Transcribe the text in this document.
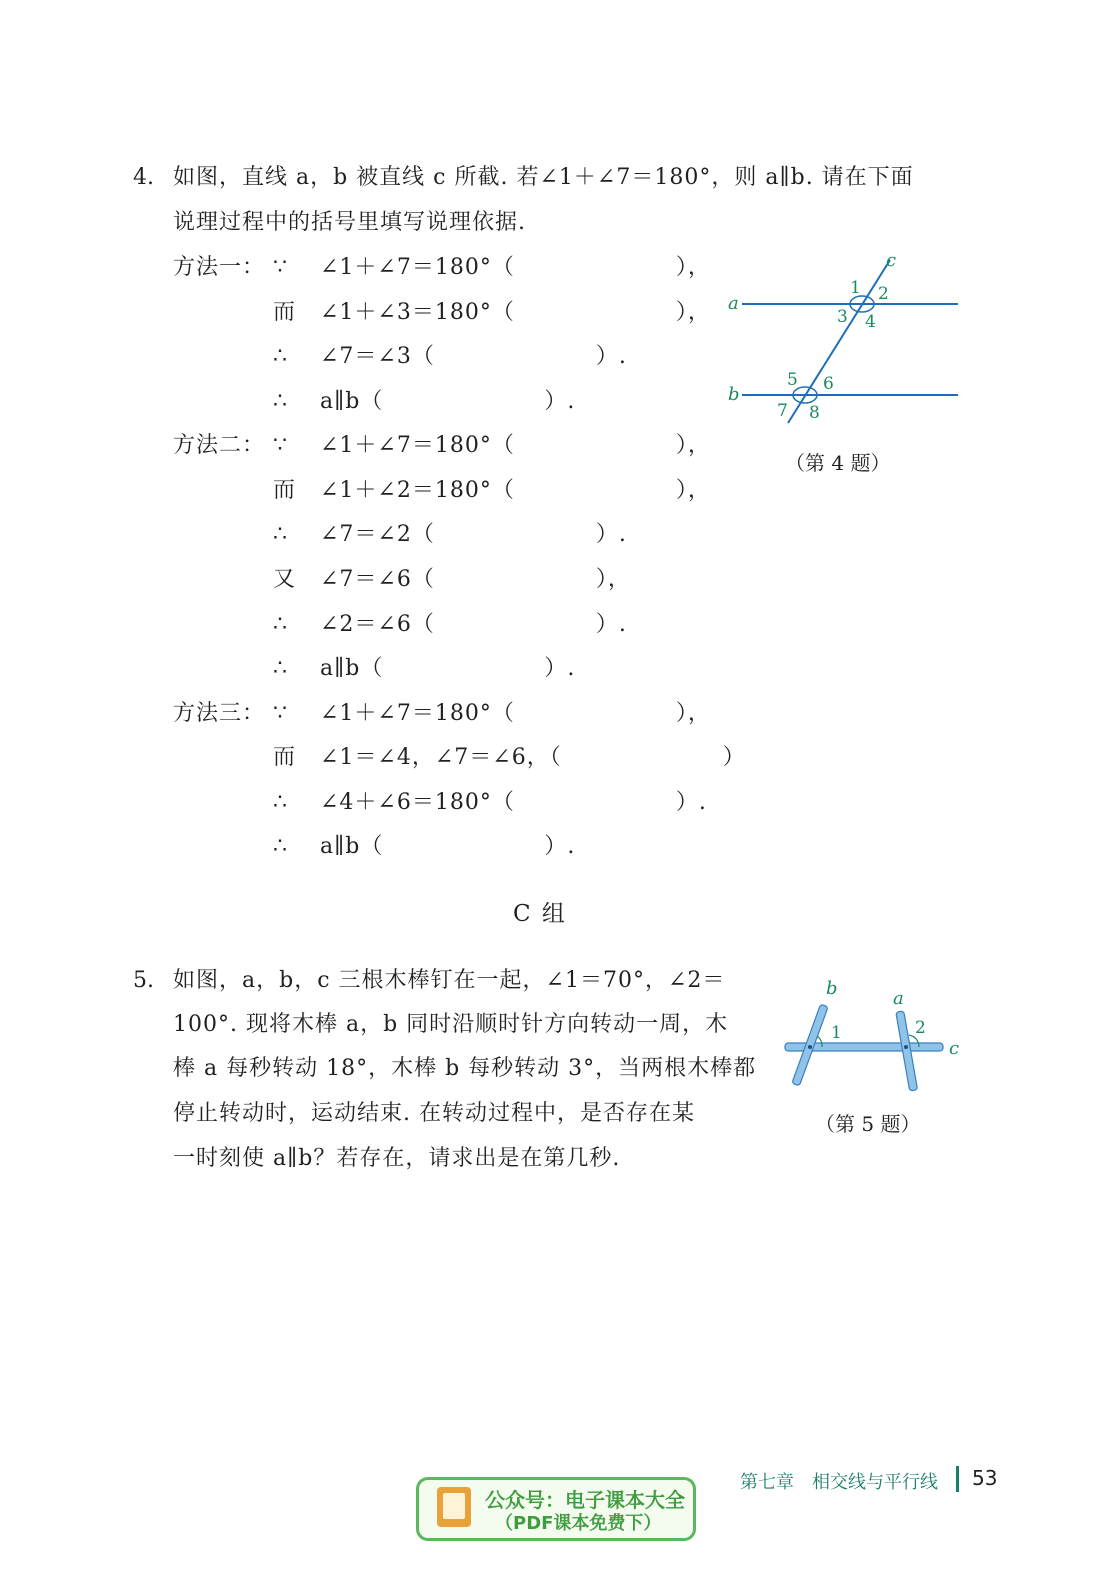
4. 如图，直线 a，b 被直线 c 所截. 若∠1＋∠7＝180°，则 a∥b. 请在下面
说理过程中的括号里填写说理依据.
方法一： ∵ ∠1＋∠7＝180°（　　　　　　　），
而 ∠1＋∠3＝180°（　　　　　　　），
∴ ∠7＝∠3（　　　　　　　）.
∴ a∥b（　　　　　　　）.
方法二： ∵ ∠1＋∠7＝180°（　　　　　　　），
而 ∠1＋∠2＝180°（　　　　　　　），
∴ ∠7＝∠2（　　　　　　　）.
又 ∠7＝∠6（　　　　　　　），
∴ ∠2＝∠6（　　　　　　　）.
∴ a∥b（　　　　　　　）.
方法三： ∵ ∠1＋∠7＝180°（　　　　　　　），
而 ∠1＝∠4，∠7＝∠6，（　　　　　　　）
∴ ∠4＋∠6＝180°（　　　　　　　）.
∴ a∥b（　　　　　　　）.
a
b
c
1 2
3 4
5 6
7 8
（第 4 题）
C 组
5. 如图，a，b，c 三根木棒钉在一起，∠1＝70°，∠2＝
100°. 现将木棒 a，b 同时沿顺时针方向转动一周，木
棒 a 每秒转动 18°，木棒 b 每秒转动 3°，当两根木棒都
停止转动时，运动结束. 在转动过程中，是否存在某
一时刻使 a∥b？若存在，请求出是在第几秒.
b	a
c
1	2
（第 5 题）
第七章　相交线与平行线 53
公众号：电子课本大全
（PDF课本免费下）
